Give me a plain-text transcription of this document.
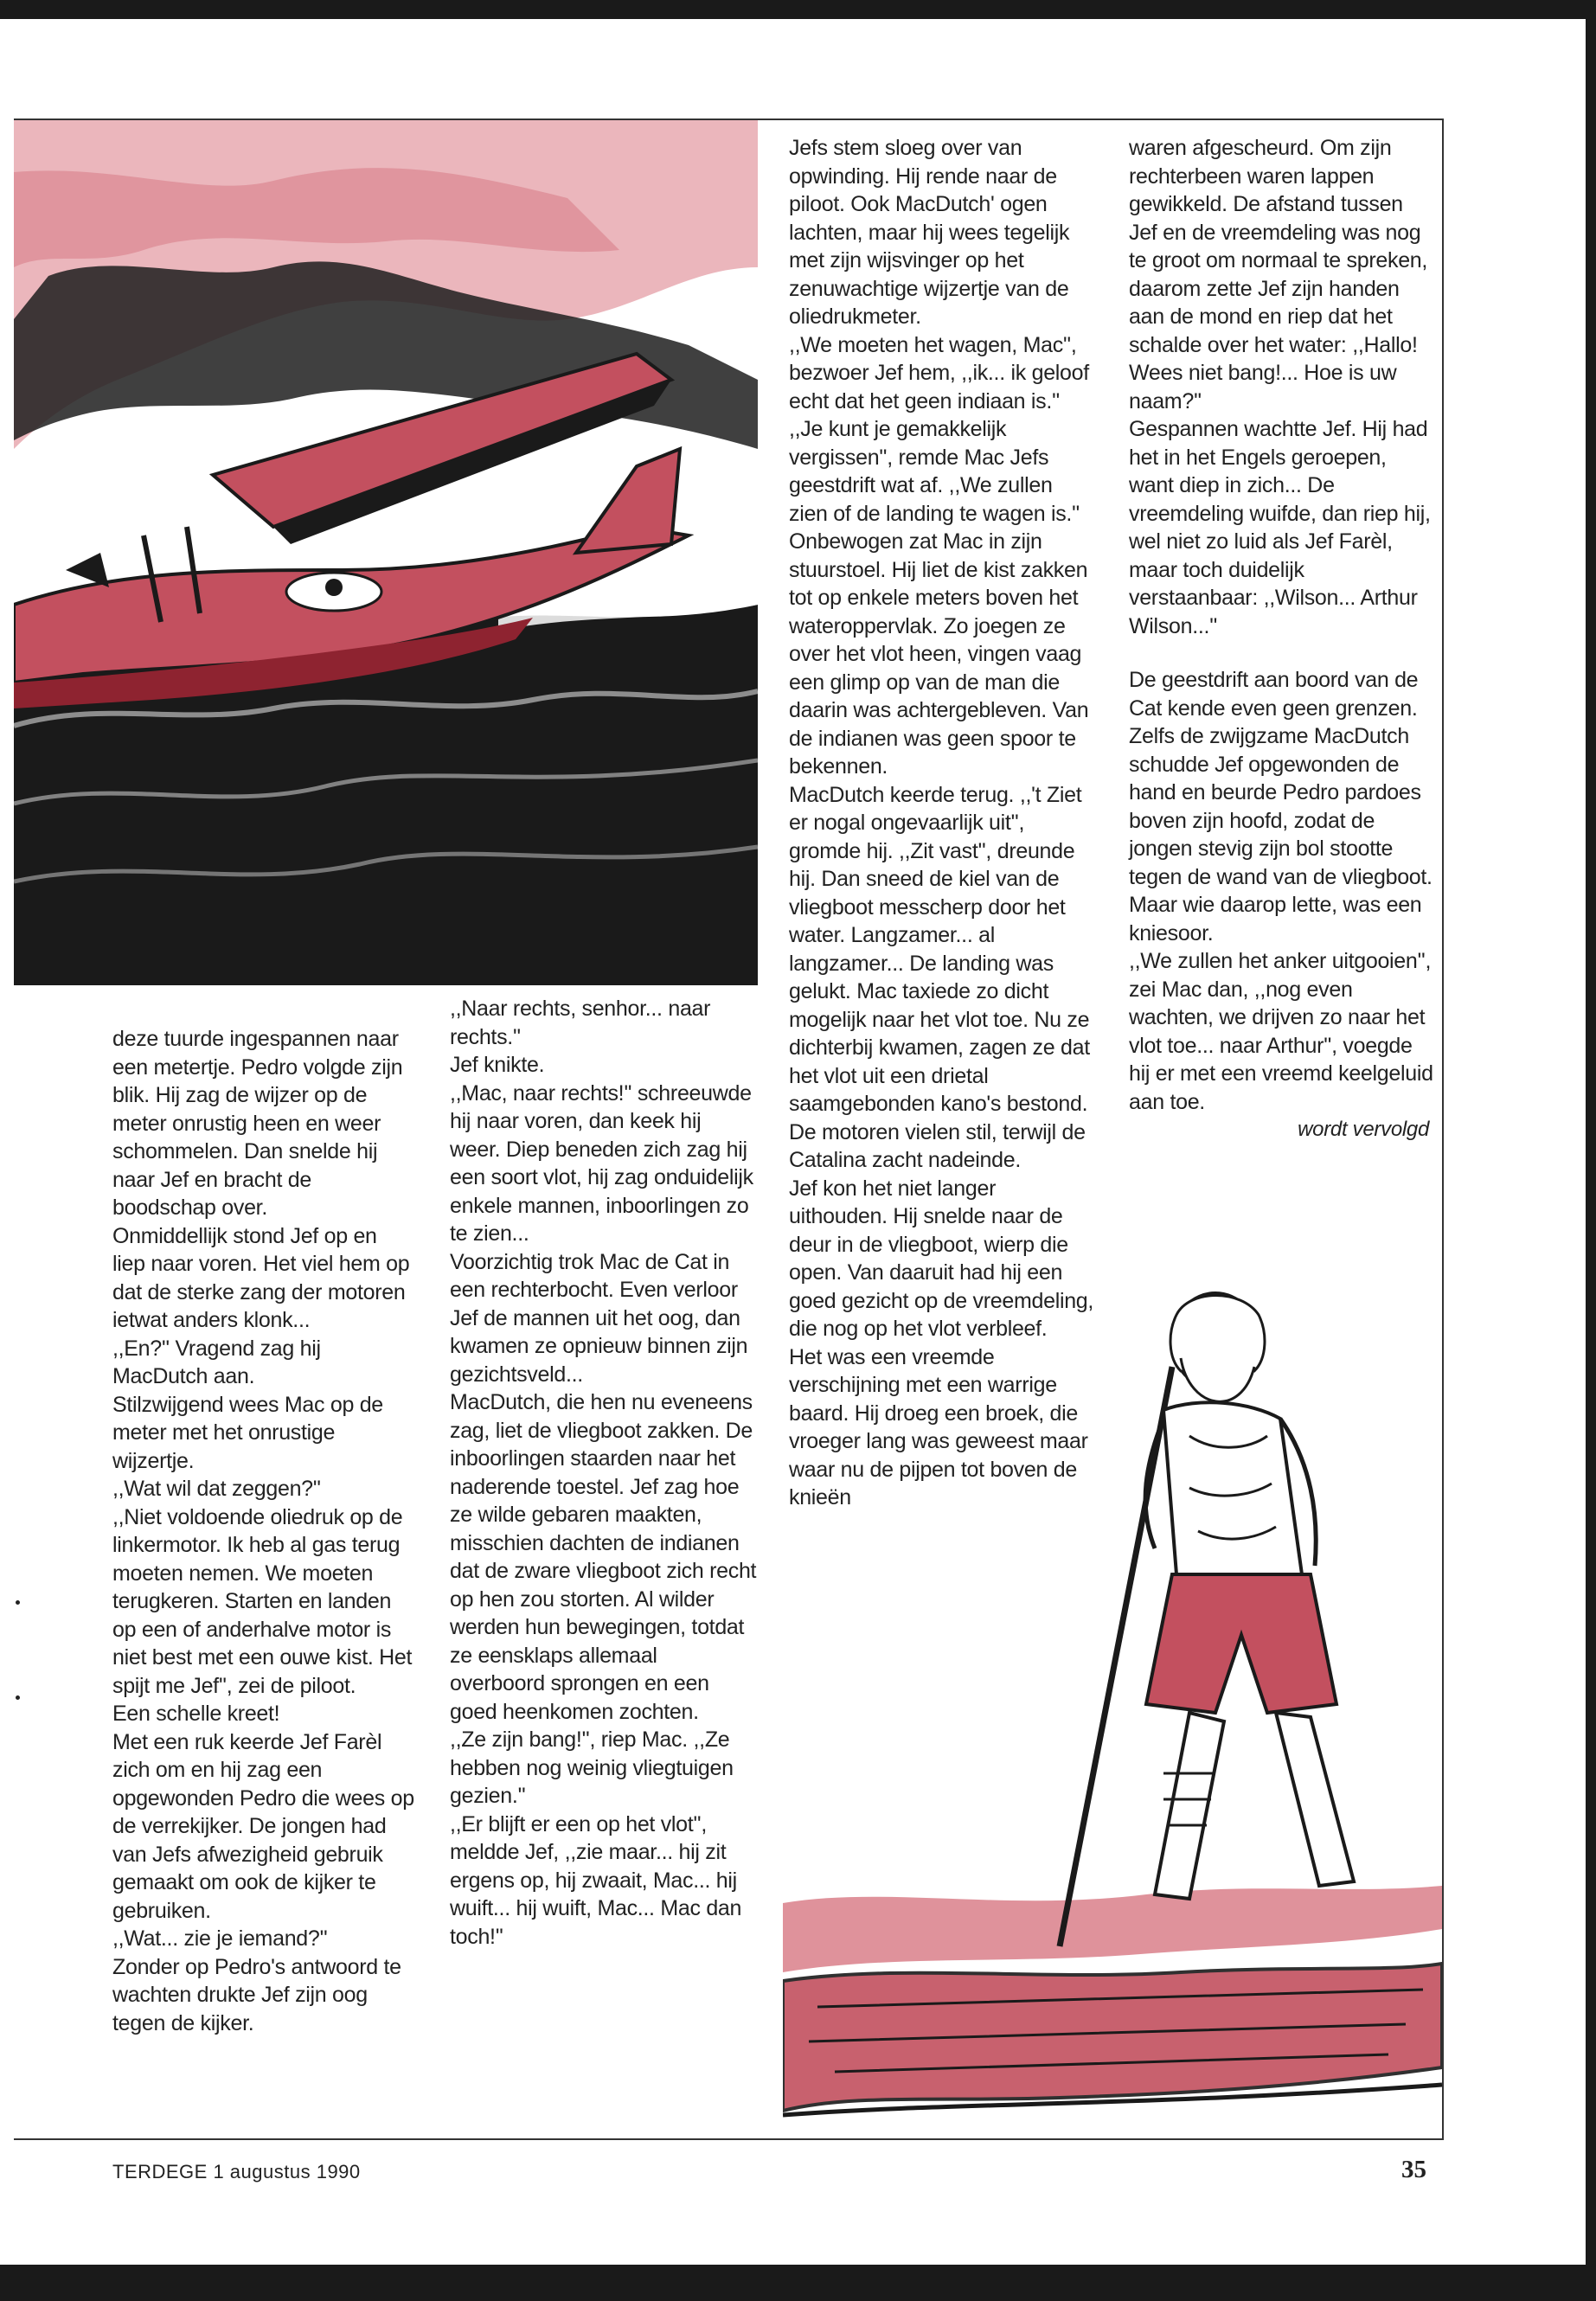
deze tuurde ingespannen naar een metertje. Pedro volgde zijn blik. Hij zag de wijzer op de meter onrustig heen en weer schommelen. Dan snelde hij naar Jef en bracht de boodschap over.

Onmiddellijk stond Jef op en liep naar voren. Het viel hem op dat de sterke zang der motoren ietwat anders klonk...

,,En?'' Vragend zag hij MacDutch aan.

Stilzwijgend wees Mac op de meter met het onrustige wijzertje.

,,Wat wil dat zeggen?''

,,Niet voldoende oliedruk op de linkermotor. Ik heb al gas terug moeten nemen. We moeten terugkeren. Starten en landen op een of anderhalve motor is niet best met een ouwe kist. Het spijt me Jef'', zei de piloot.

Een schelle kreet!

Met een ruk keerde Jef Farèl zich om en hij zag een opgewonden Pedro die wees op de verrekijker. De jongen had van Jefs afwezigheid gebruik gemaakt om ook de kijker te gebruiken.

,,Wat... zie je iemand?''

Zonder op Pedro's antwoord te wachten drukte Jef zijn oog tegen de kijker.

,,Naar rechts, senhor... naar rechts.''

Jef knikte.

,,Mac, naar rechts!'' schreeuwde hij naar voren, dan keek hij weer. Diep beneden zich zag hij een soort vlot, hij zag onduidelijk enkele mannen, inboorlingen zo te zien...

Voorzichtig trok Mac de Cat in een rechterbocht. Even verloor Jef de mannen uit het oog, dan kwamen ze opnieuw binnen zijn gezichtsveld...

MacDutch, die hen nu eveneens zag, liet de vliegboot zakken. De inboorlingen staarden naar het naderende toestel. Jef zag hoe ze wilde gebaren maakten, misschien dachten de indianen dat de zware vliegboot zich recht op hen zou storten. Al wilder werden hun bewegingen, totdat ze eensklaps allemaal overboord sprongen en een goed heenkomen zochten.

,,Ze zijn bang!'', riep Mac. ,,Ze hebben nog weinig vliegtuigen gezien.''

,,Er blijft er een op het vlot'', meldde Jef, ,,zie maar... hij zit ergens op, hij zwaait, Mac... hij wuift... hij wuift, Mac... Mac dan toch!''

Jefs stem sloeg over van opwinding. Hij rende naar de piloot. Ook MacDutch' ogen lachten, maar hij wees tegelijk met zijn wijsvinger op het zenuwachtige wijzertje van de oliedrukmeter.

,,We moeten het wagen, Mac'', bezwoer Jef hem, ,,ik... ik geloof echt dat het geen indiaan is.''

,,Je kunt je gemakkelijk vergissen'', remde Mac Jefs geestdrift wat af. ,,We zullen zien of de landing te wagen is.''

Onbewogen zat Mac in zijn stuurstoel. Hij liet de kist zakken tot op enkele meters boven het wateroppervlak. Zo joegen ze over het vlot heen, vingen vaag een glimp op van de man die daarin was achtergebleven. Van de indianen was geen spoor te bekennen.

MacDutch keerde terug. ,,'t Ziet er nogal ongevaarlijk uit'', gromde hij. ,,Zit vast'', dreunde hij. Dan sneed de kiel van de vliegboot messcherp door het water. Langzamer... al langzamer... De landing was gelukt. Mac taxiede zo dicht mogelijk naar het vlot toe. Nu ze dichterbij kwamen, zagen ze dat het vlot uit een drietal saamgebonden kano's bestond. De motoren vielen stil, terwijl de Catalina zacht nadeinde.

Jef kon het niet langer uithouden. Hij snelde naar de deur in de vliegboot, wierp die open. Van daaruit had hij een goed gezicht op de vreemdeling, die nog op het vlot verbleef.

Het was een vreemde verschijning met een warrige baard. Hij droeg een broek, die vroeger lang was geweest maar waar nu de pijpen tot boven de knieën

waren afgescheurd. Om zijn rechterbeen waren lappen gewikkeld. De afstand tussen Jef en de vreemdeling was nog te groot om normaal te spreken, daarom zette Jef zijn handen aan de mond en riep dat het schalde over het water: ,,Hallo! Wees niet bang!... Hoe is uw naam?''

Gespannen wachtte Jef. Hij had het in het Engels geroepen, want diep in zich... De vreemdeling wuifde, dan riep hij, wel niet zo luid als Jef Farèl, maar toch duidelijk verstaanbaar: ,,Wilson... Arthur Wilson...''

De geestdrift aan boord van de Cat kende even geen grenzen. Zelfs de zwijgzame MacDutch schudde Jef opgewonden de hand en beurde Pedro pardoes boven zijn hoofd, zodat de jongen stevig zijn bol stootte tegen de wand van de vliegboot. Maar wie daarop lette, was een kniesoor.

,,We zullen het anker uitgooien'', zei Mac dan, ,,nog even wachten, we drijven zo naar het vlot toe... naar Arthur'', voegde hij er met een vreemd keelgeluid aan toe.

wordt vervolgd

TERDEGE 1 augustus 1990	35
